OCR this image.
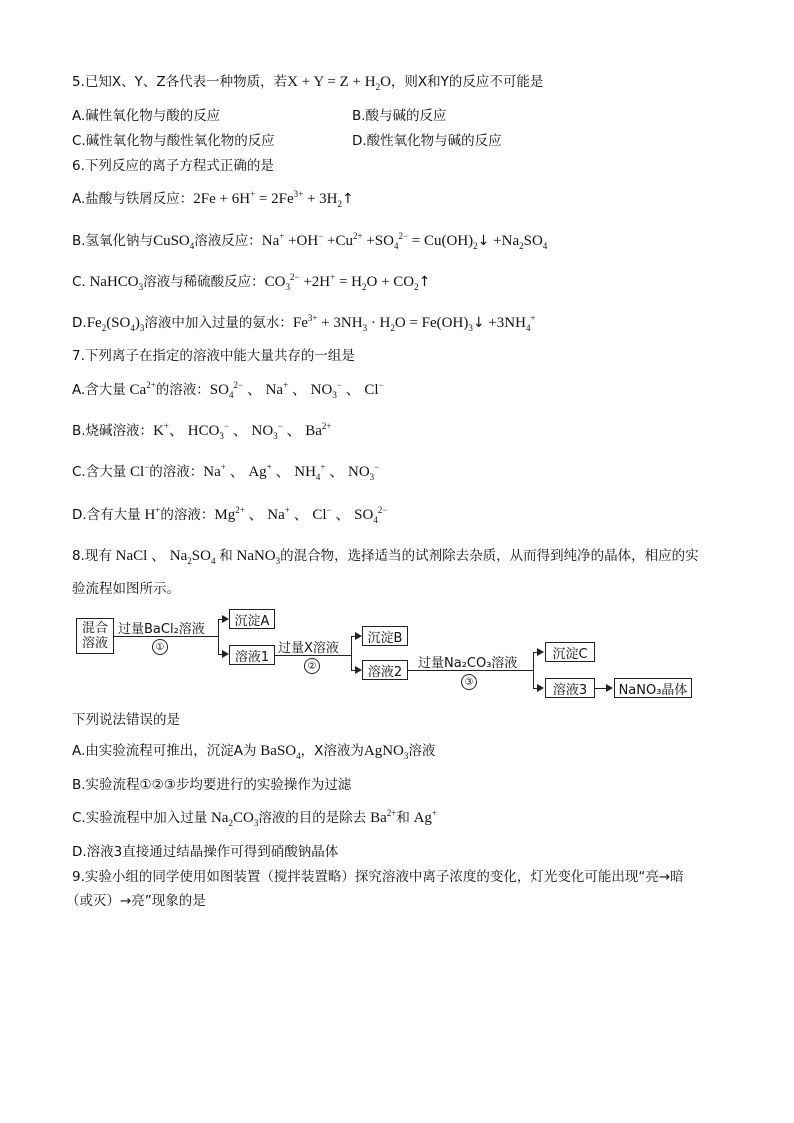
5.已知X、Y、Z各代表一种物质，若$X + Y = Z + H_2O$，则X和Y的反应不可能是
A.碱性氧化物与酸的反应	B.酸与碱的反应
C.碱性氧化物与酸性氧化物的反应	D.酸性氧化物与碱的反应
6.下列反应的离子方程式正确的是
A.盐酸与铁屑反应：$2Fe + 6H^+ = 2Fe^{3+}$ + $3H_2↑$
B.氢氧化钠与CuSO$_4$溶液反应：$Na^+ +OH^- +Cu^{2+} +SO_4^{2-}$ = $Cu(OH)_2↓ +Na_2SO_4$
C. NaHCO$_3$溶液与稀硫酸反应：$CO_3^{2-} +2H^+ = H_2O$ + $CO_2↑$
$D.Fe_2(SO_4)_3$溶液中加入过量的氨水：$Fe^{3+} + 3NH_3 \cdot H_2O$ = $Fe(OH)_3↓ +3NH_4^+$
7.下列离子在指定的溶液中能大量共存的一组是
A.含大量 $Ca^{2+}$的溶液：$SO_4^{2-}$ 、 Na+ 、 $NO_3^-$ 、 Cl−
B.烧碱溶液：K+、 $HCO_3^-$ 、 $NO_3^-$ 、 $Ba^{2+}$
C.含大量 Cl−的溶液：Na+ 、 Ag+ 、 $NH_4^+$ 、 $NO_3^-$
D.含有大量 H+的溶液：$Mg^{2+}$ 、 Na+ 、 Cl− 、 $SO_4^{2-}$
8.现有 NaCl 、 $Na_2SO_4$ 和 NaNO$_3$的混合物，选择适当的试剂除去杂质，从而得到纯净的晶体，相应的实
验流程如图所示。
混合
溶液
过量BaCl₂溶液
①
沉淀A
溶液1
过量X溶液
②
沉淀B
溶液2
过量Na₂CO₃溶液
③
沉淀C
溶液3	NaNO₃晶体
下列说法错误的是
A.由实验流程可推出，沉淀A为 BaSO$_4$，X溶液为AgNO$_3$溶液
B.实验流程①②③步均要进行的实验操作为过滤
C.实验流程中加入过量 $Na_2CO_3$溶液的目的是除去 $Ba^{2+}$和 Ag+
D.溶液3直接通过结晶操作可得到硝酸钠晶体
9.实验小组的同学使用如图装置（搅拌装置略）探究溶液中离子浓度的变化，灯光变化可能出现“亮→暗
（或灭）→亮”现象的是
